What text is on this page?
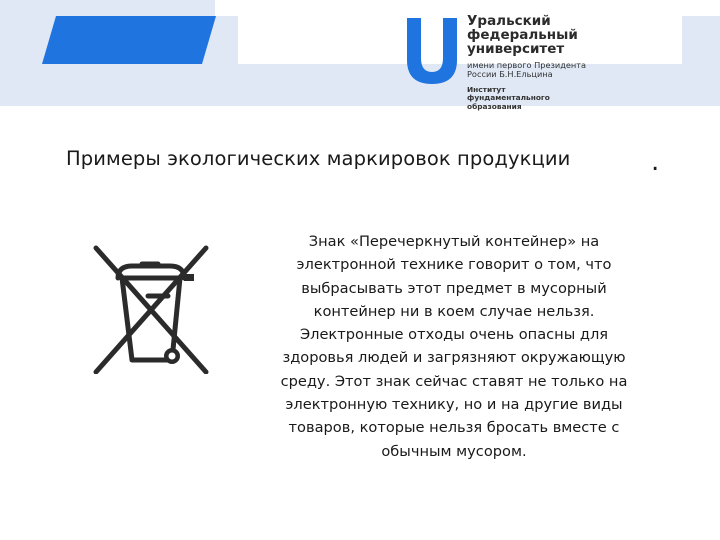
Уральский
федеральный
университет
имени первого Президента
России Б.Н.Ельцина
Институт
фундаментального
образования
Примеры экологических маркировок продукции	.
Знак «Перечеркнутый контейнер» на
электронной технике говорит о том, что
выбрасывать этот предмет в мусорный
контейнер ни в коем случае нельзя.
Электронные отходы очень опасны для
здоровья людей и загрязняют окружающую
среду. Этот знак сейчас ставят не только на
электронную технику, но и на другие виды
товаров, которые нельзя бросать вместе с
обычным мусором.
